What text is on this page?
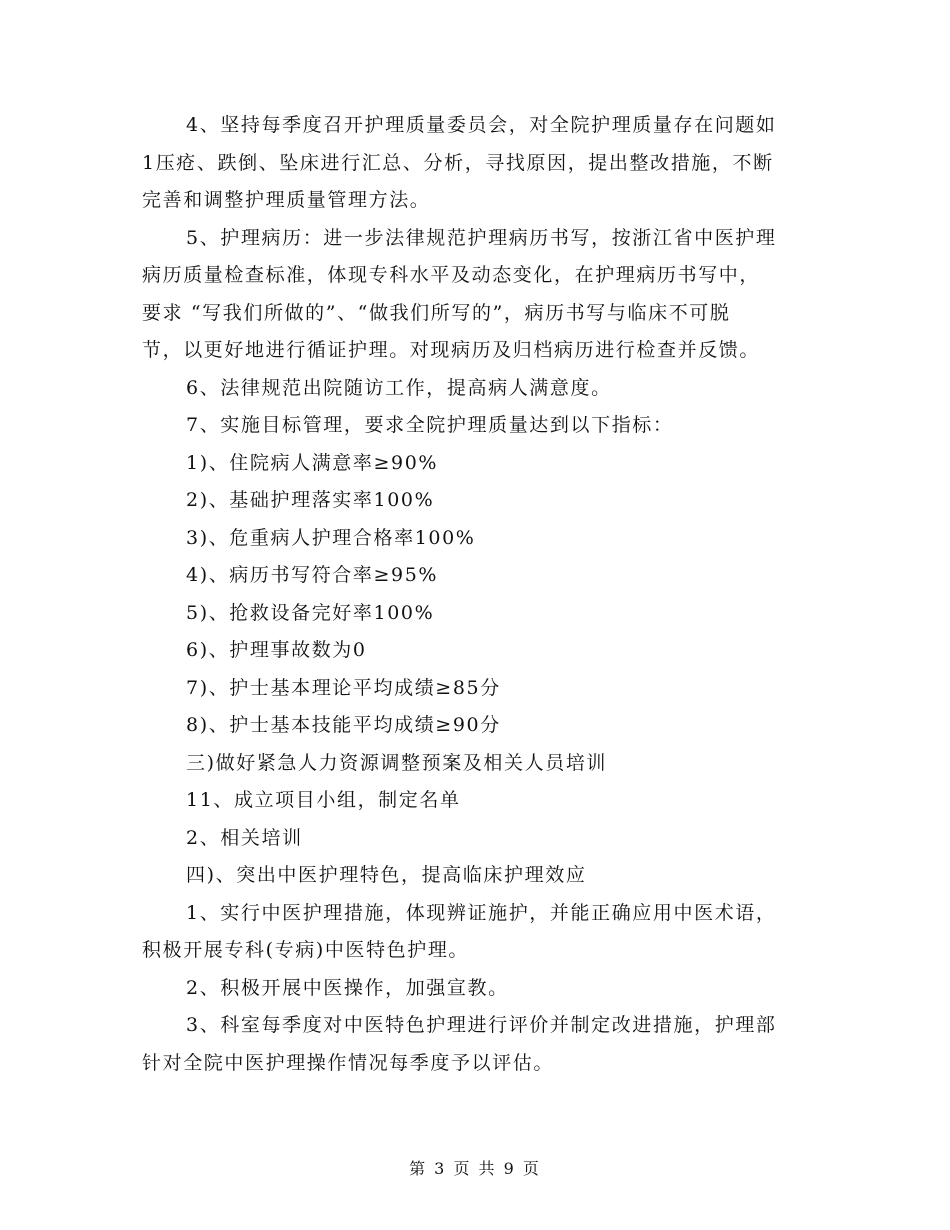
4、坚持每季度召开护理质量委员会，对全院护理质量存在问题如
1压疮、跌倒、坠床进行汇总、分析，寻找原因，提出整改措施，不断
完善和调整护理质量管理方法。
5、护理病历：进一步法律规范护理病历书写，按浙江省中医护理
病历质量检查标准，体现专科水平及动态变化，在护理病历书写中，
要求 “写我们所做的”、“做我们所写的”，病历书写与临床不可脱
节，以更好地进行循证护理。对现病历及归档病历进行检查并反馈。
6、法律规范出院随访工作，提高病人满意度。
7、实施目标管理，要求全院护理质量达到以下指标：
1)、住院病人满意率≥90%
2)、基础护理落实率100%
3)、危重病人护理合格率100%
4)、病历书写符合率≥95%
5)、抢救设备完好率100%
6)、护理事故数为0
7)、护士基本理论平均成绩≥85分
8)、护士基本技能平均成绩≥90分
三)做好紧急人力资源调整预案及相关人员培训
11、成立项目小组，制定名单
2、相关培训
四)、突出中医护理特色，提高临床护理效应
1、实行中医护理措施，体现辨证施护，并能正确应用中医术语，
积极开展专科(专病)中医特色护理。
2、积极开展中医操作，加强宣教。
3、科室每季度对中医特色护理进行评价并制定改进措施，护理部
针对全院中医护理操作情况每季度予以评估。
第 3 页 共 9 页
